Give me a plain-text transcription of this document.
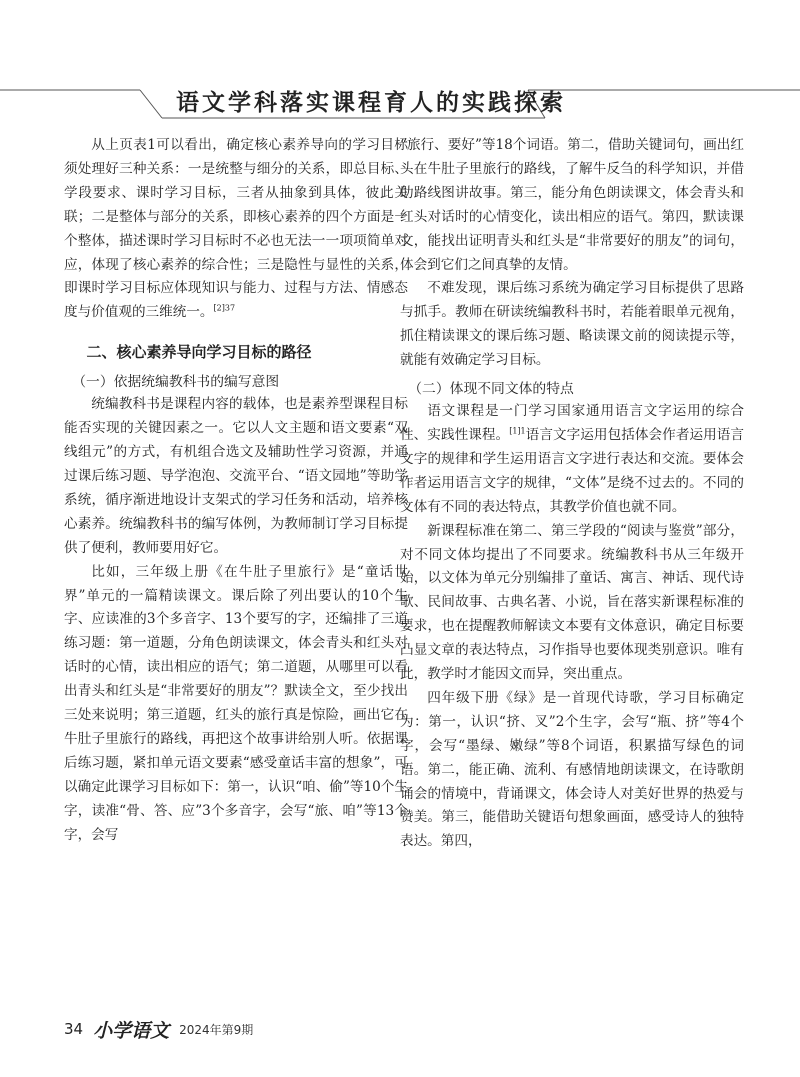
语文学科落实课程育人的实践探索

从上页表1可以看出，确定核心素养导向的学习目标须处理好三种关系：一是统整与细分的关系，即总目标、学段要求、课时学习目标，三者从抽象到具体，彼此关联；二是整体与部分的关系，即核心素养的四个方面是一个整体，描述课时学习目标时不必也无法一一项项简单对应，体现了核心素养的综合性；三是隐性与显性的关系，即课时学习目标应体现知识与能力、过程与方法、情感态度与价值观的三维统一。$^{[2]37}$

二、核心素养导向学习目标的路径
（一）依据统编教科书的编写意图

统编教科书是课程内容的载体，也是素养型课程目标能否实现的关键因素之一。它以人文主题和语文要素“双线组元”的方式，有机组合选文及辅助性学习资源，并通过课后练习题、导学泡泡、交流平台、“语文园地”等助学系统，循序渐进地设计支架式的学习任务和活动，培养核心素养。统编教科书的编写体例，为教师制订学习目标提供了便利，教师要用好它。

比如，三年级上册《在牛肚子里旅行》是“童话世界”单元的一篇精读课文。课后除了列出要认的10个生字、应读准的3个多音字、13个要写的字，还编排了三道练习题：第一道题，分角色朗读课文，体会青头和红头对话时的心情，读出相应的语气；第二道题，从哪里可以看出青头和红头是“非常要好的朋友”？默读全文，至少找出三处来说明；第三道题，红头的旅行真是惊险，画出它在牛肚子里旅行的路线，再把这个故事讲给别人听。依据课后练习题，紧扣单元语文要素“感受童话丰富的想象”，可以确定此课学习目标如下：第一，认识“咱、偷”等10个生字，读准“骨、答、应”3个多音字，会写“旅、咱”等13个字，会写

“旅行、要好”等18个词语。第二，借助关键词句，画出红头在牛肚子里旅行的路线，了解牛反刍的科学知识，并借助路线图讲故事。第三，能分角色朗读课文，体会青头和红头对话时的心情变化，读出相应的语气。第四，默读课文，能找出证明青头和红头是“非常要好的朋友”的词句，体会到它们之间真挚的友情。

不难发现，课后练习系统为确定学习目标提供了思路与抓手。教师在研读统编教科书时，若能着眼单元视角，抓住精读课文的课后练习题、略读课文前的阅读提示等，就能有效确定学习目标。

（二）体现不同文体的特点

语文课程是一门学习国家通用语言文字运用的综合性、实践性课程。$^{[1]1}$语言文字运用包括体会作者运用语言文字的规律和学生运用语言文字进行表达和交流。要体会作者运用语言文字的规律，“文体”是绕不过去的。不同的文体有不同的表达特点，其教学价值也就不同。

新课程标准在第二、第三学段的“阅读与鉴赏”部分，对不同文体均提出了不同要求。统编教科书从三年级开始，以文体为单元分别编排了童话、寓言、神话、现代诗歌、民间故事、古典名著、小说，旨在落实新课程标准的要求，也在提醒教师解读文本要有文体意识，确定目标要凸显文章的表达特点，习作指导也要体现类别意识。唯有此，教学时才能因文而异，突出重点。

四年级下册《绿》是一首现代诗歌，学习目标确定为：第一，认识“挤、叉”2个生字，会写“瓶、挤”等4个字，会写“墨绿、嫩绿”等8个词语，积累描写绿色的词语。第二，能正确、流利、有感情地朗读课文，在诗歌朗诵会的情境中，背诵课文，体会诗人对美好世界的热爱与赞美。第三，能借助关键语句想象画面，感受诗人的独特表达。第四，

34 小学语文 2024年第9期
